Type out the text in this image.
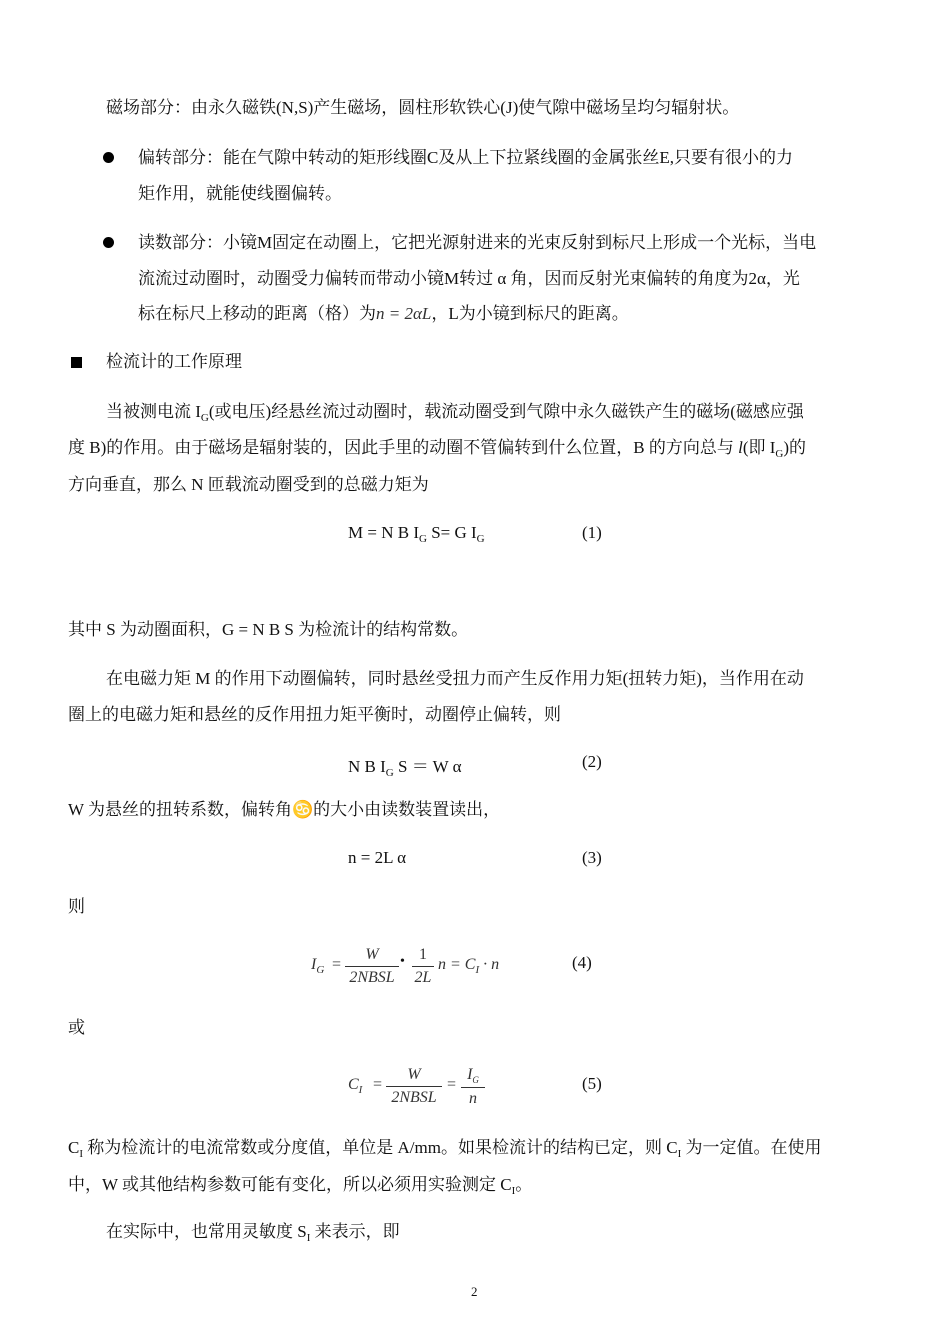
磁场部分：由永久磁铁(N,S)产生磁场，圆柱形软铁心(J)使气隙中磁场呈均匀辐射状。
偏转部分：能在气隙中转动的矩形线圈C及从上下拉紧线圈的金属张丝E,只要有很小的力
矩作用，就能使线圈偏转。
读数部分：小镜M固定在动圈上，它把光源射进来的光束反射到标尺上形成一个光标，当电
流流过动圈时，动圈受力偏转而带动小镜M转过 α 角，因而反射光束偏转的角度为2α，光
标在标尺上移动的距离（格）为n = 2αL，L为小镜到标尺的距离。
检流计的工作原理
当被测电流 $I_G$(或电压)经悬丝流过动圈时，载流动圈受到气隙中永久磁铁产生的磁场(磁感应强
度 B)的作用。由于磁场是辐射装的，因此手里的动圈不管偏转到什么位置，B 的方向总与 l(即 $I_G$)的
方向垂直，那么 N 匝载流动圈受到的总磁力矩为
M = N B $I_G$ S= G $I_G$	(1)
其中 S 为动圈面积，G = N B S 为检流计的结构常数。
在电磁力矩 M 的作用下动圈偏转，同时悬丝受扭力而产生反作用力矩(扭转力矩)，当作用在动
圈上的电磁力矩和悬丝的反作用扭力矩平衡时，动圈停止偏转，则
N B $I_G$ S ＝ W α	(2)
W 为悬丝的扭转系数，偏转角♋的大小由读数装置读出，
n = 2L α	(3)
则
$I_G$ =
W
2NBSL
• 1
2L
$n = C_I \cdot n$	(4)
或
$C_I$ =
W
2NBSL
=
$I_G$
n
(5)
$C_I$ 称为检流计的电流常数或分度值，单位是 A/mm。如果检流计的结构已定，则 $C_I$ 为一定值。在使用
中，W 或其他结构参数可能有变化，所以必须用实验测定 $C_I$。
在实际中，也常用灵敏度 $S_I$ 来表示，即
2
